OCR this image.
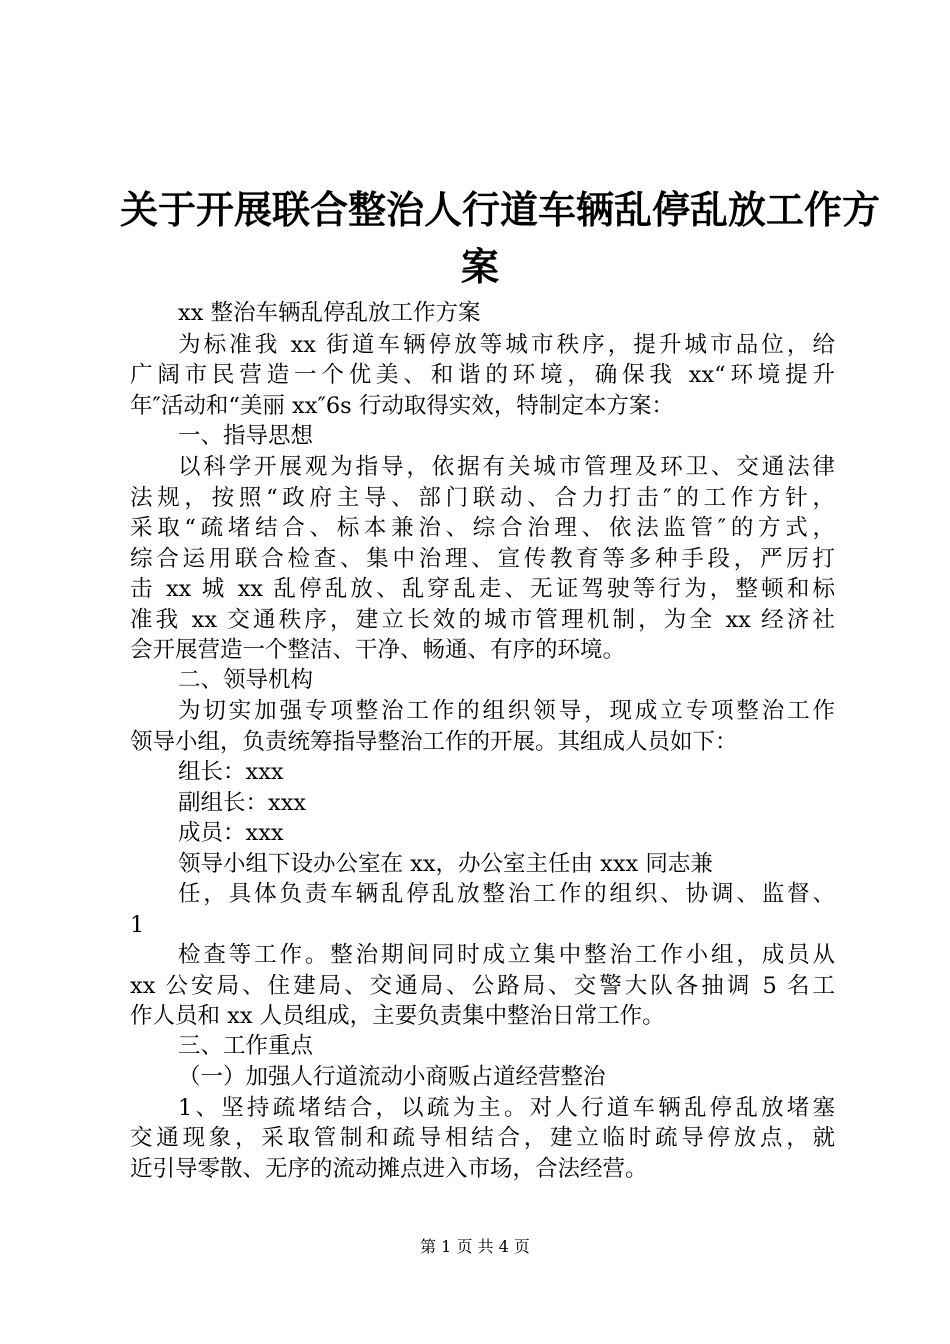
关于开展联合整治人行道车辆乱停乱放工作方
案
xx 整治车辆乱停乱放工作方案
为标准我 xx 街道车辆停放等城市秩序，提升城市品位，给
广阔市民营造一个优美、和谐的环境，确保我 xx“环境提升
年″活动和“美丽 xx″6s 行动取得实效，特制定本方案：
一、指导思想
以科学开展观为指导，依据有关城市管理及环卫、交通法律
法规，按照“政府主导、部门联动、合力打击″的工作方针，
采取“疏堵结合、标本兼治、综合治理、依法监管″的方式，
综合运用联合检查、集中治理、宣传教育等多种手段，严厉打
击 xx 城 xx 乱停乱放、乱穿乱走、无证驾驶等行为，整顿和标
准我 xx 交通秩序，建立长效的城市管理机制，为全 xx 经济社
会开展营造一个整洁、干净、畅通、有序的环境。
二、领导机构
为切实加强专项整治工作的组织领导，现成立专项整治工作
领导小组，负责统筹指导整治工作的开展。其组成人员如下：
组长：xxx
副组长：xxx
成员：xxx
领导小组下设办公室在 xx，办公室主任由 xxx 同志兼
任，具体负责车辆乱停乱放整治工作的组织、协调、监督、
1
检查等工作。整治期间同时成立集中整治工作小组，成员从
xx 公安局、住建局、交通局、公路局、交警大队各抽调 5 名工
作人员和 xx 人员组成，主要负责集中整治日常工作。
三、工作重点
（一）加强人行道流动小商贩占道经营整治
1、坚持疏堵结合，以疏为主。对人行道车辆乱停乱放堵塞
交通现象，采取管制和疏导相结合，建立临时疏导停放点，就
近引导零散、无序的流动摊点进入市场，合法经营。
第 1 页 共 4 页
